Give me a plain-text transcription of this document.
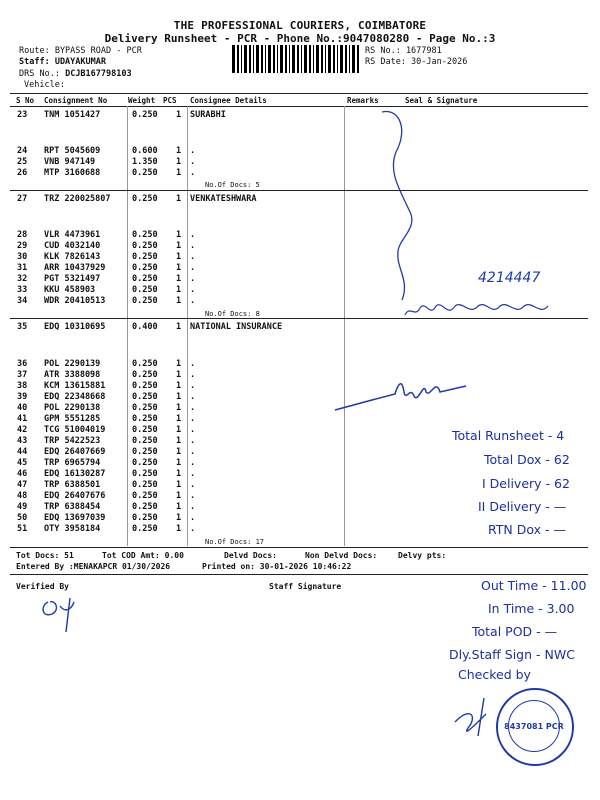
THE PROFESSIONAL COURIERS, COIMBATORE
Delivery Runsheet - PCR - Phone No.:9047080280 - Page No.:3
Route: BYPASS ROAD - PCR
Staff: UDAYAKUMAR
DRS No.: DCJB167798103
Vehicle:
RS No.: 1677981
RS Date: 30-Jan-2026
S No Consignment No	Weight PCS Consignee Details	Remarks	Seal & Signature
23 TNM 1051427	0.250 1 SURABHI
24 RPT 5045609	0.600 1 .
25 VNB 947149	1.350 1 .
26 MTP 3160688	0.250 1 .
27 TRZ 220025807	0.250 1 VENKATESHWARA
28 VLR 4473961	0.250 1 .
29 CUD 4032140	0.250 1 .
30 KLK 7826143	0.250 1 .
31 ARR 10437929	0.250 1 .
32 PGT 5321497	0.250 1 .
33 KKU 458903	0.250 1 .
34 WDR 20410513	0.250 1 .
35 EDQ 10310695	0.400 1 NATIONAL INSURANCE
36 POL 2290139	0.250 1 .
37 ATR 3388098	0.250 1 .
38 KCM 13615881	0.250 1 .
39 EDQ 22348668	0.250 1 .
40 POL 2290138	0.250 1 .
41 GPM 5551285	0.250 1 .
42 TCG 51004019	0.250 1 .
43 TRP 5422523	0.250 1 .
44 EDQ 26407669	0.250 1 .
45 TRP 6965794	0.250 1 .
46 EDQ 16130287	0.250 1 .
47 TRP 6388501	0.250 1 .
48 EDQ 26407676	0.250 1 .
49 TRP 6388454	0.250 1 .
50 EDQ 13697039	0.250 1 .
51 OTY 3958184	0.250 1 .
No.Of Docs: 5
No.Of Docs: 8
No.Of Docs: 17
Tot Docs: 51	Tot COD Amt: 0.00	Delvd Docs:	Non Delvd Docs:	Delvy pts:
Entered By :MENAKAPCR 01/30/2026	Printed on: 30-01-2026 10:46:22
Verified By	Staff Signature
4214447
Total Runsheet - 4
Total Dox - 62
I Delivery - 62
II Delivery - —
RTN Dox - —
Out Time - 11.00
In Time - 3.00
Total POD - —
Dly.Staff Sign - NWC
Checked by
8437081 PCR
